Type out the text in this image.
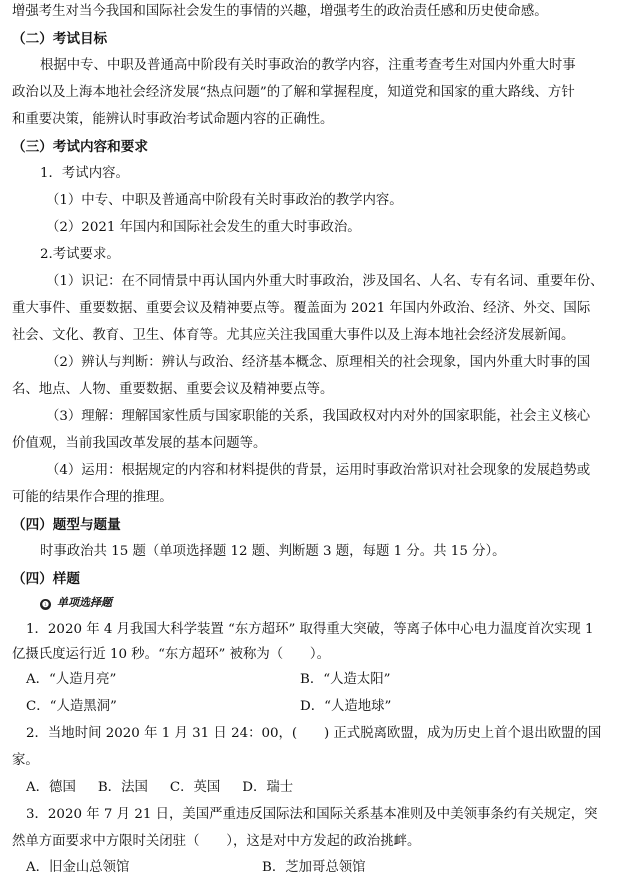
增强考生对当今我国和国际社会发生的事情的兴趣，增强考生的政治责任感和历史使命感。
（二）考试目标
根据中专、中职及普通高中阶段有关时事政治的教学内容，注重考查考生对国内外重大时事
政治以及上海本地社会经济发展“热点问题”的了解和掌握程度，知道党和国家的重大路线、方针
和重要决策，能辨认时事政治考试命题内容的正确性。
（三）考试内容和要求
1．考试内容。
（1）中专、中职及普通高中阶段有关时事政治的教学内容。
（2）2021 年国内和国际社会发生的重大时事政治。
2.考试要求。
（1）识记：在不同情景中再认国内外重大时事政治，涉及国名、人名、专有名词、重要年份、
重大事件、重要数据、重要会议及精神要点等。覆盖面为 2021 年国内外政治、经济、外交、国际
社会、文化、教育、卫生、体育等。尤其应关注我国重大事件以及上海本地社会经济发展新闻。
（2）辨认与判断：辨认与政治、经济基本概念、原理相关的社会现象，国内外重大时事的国
名、地点、人物、重要数据、重要会议及精神要点等。
（3）理解：理解国家性质与国家职能的关系，我国政权对内对外的国家职能，社会主义核心
价值观，当前我国改革发展的基本问题等。
（4）运用：根据规定的内容和材料提供的背景，运用时事政治常识对社会现象的发展趋势或
可能的结果作合理的推理。
（四）题型与题量
时事政治共 15 题（单项选择题 12 题、判断题 3 题，每题 1 分。共 15 分）。
（四）样题
❶ 单项选择题
1．2020 年 4 月我国大科学装置 “东方超环” 取得重大突破，等离子体中心电力温度首次实现 1
亿摄氏度运行近 10 秒。“东方超环” 被称为（　　）。
A．“人造月亮”	B．“人造太阳”
C．“人造黑洞”	D．“人造地球”
2．当地时间 2020 年 1 月 31 日 24：00，(　　) 正式脱离欧盟，成为历史上首个退出欧盟的国
家。
A．德国 B．法国 C．英国 D．瑞士
3．2020 年 7 月 21 日，美国严重违反国际法和国际关系基本准则及中美领事条约有关规定，突
然单方面要求中方限时关闭驻（　　），这是对中方发起的政治挑衅。
A．旧金山总领馆	B．芝加哥总领馆
